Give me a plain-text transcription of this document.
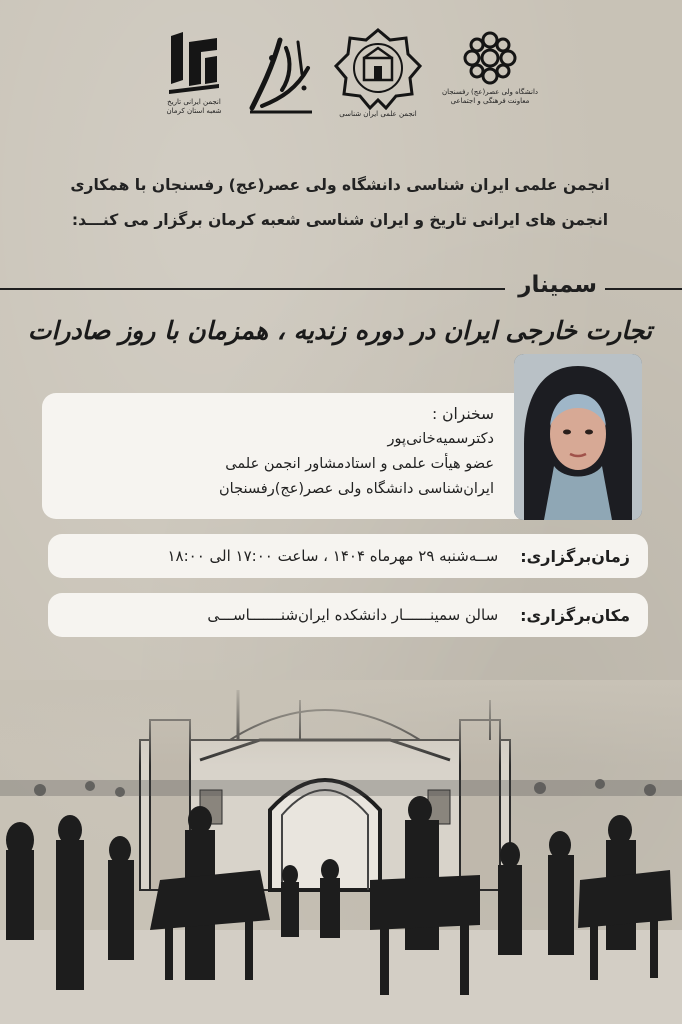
انجمن ایرانی تاریخ
شعبه استان کرمان	انجمن علمی ایران شناسی
دانشگاه ولی عصر(عج) رفسنجان
معاونت فرهنگی و اجتماعی
انجمن علمی ایران شناسی دانشگاه ولی عصر(عج) رفسنجان با همکاری
انجمن های ایرانی تاریخ و ایران شناسی شعبه کرمان برگزار می کنـــد:
سمینار
تجارت خارجی ایران در دوره زندیه ، همزمان با روز صادرات
سخنران :
دکترسمیه‌خانی‌پور
عضو هیأت علمی و استادمشاور انجمن علمی
ایران‌شناسی دانشگاه ولی عصر(عج)رفسنجان
زمان‌برگزاری:
ســه‌شنبه ۲۹ مهرماه ۱۴۰۴ ، ساعت ۱۷:۰۰ الی ۱۸:۰۰
مکان‌برگزاری:
سالن سمینــــــار دانشکده ایران‌شنـــــــاســـی
